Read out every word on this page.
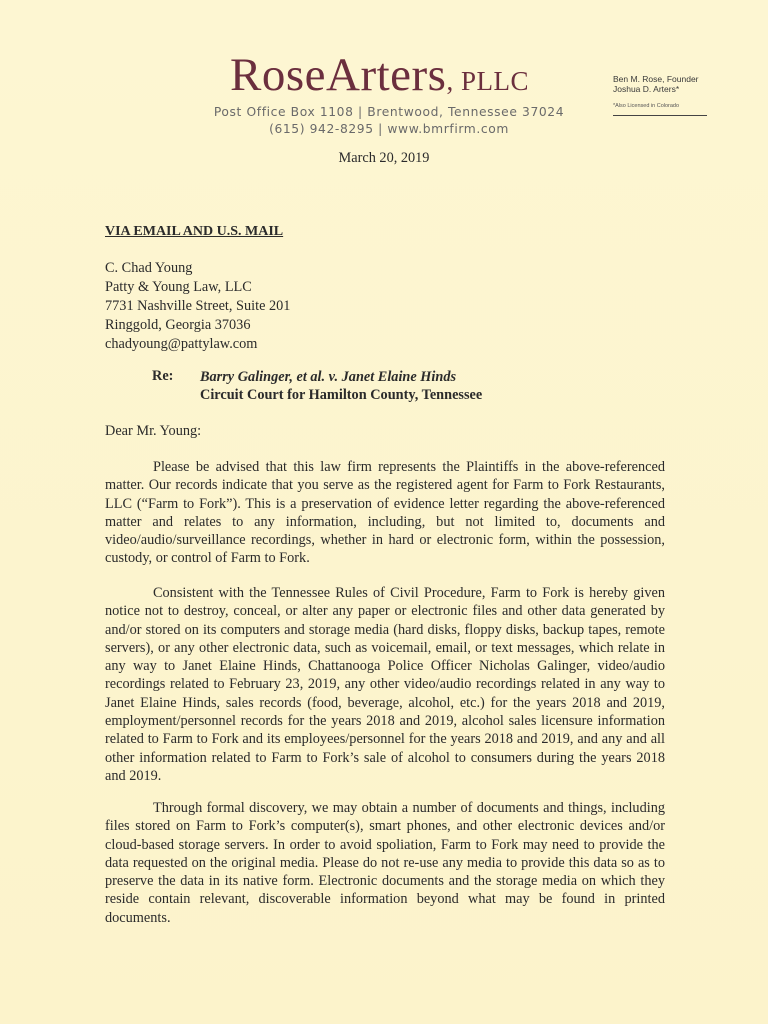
RoseArters, PLLC
Post Office Box 1108 | Brentwood, Tennessee 37024
(615) 942-8295 | www.bmrfirm.com
Ben M. Rose, Founder
Joshua D. Arters*
*Also Licensed in Colorado
March 20, 2019
VIA EMAIL AND U.S. MAIL
C. Chad Young
Patty & Young Law, LLC
7731 Nashville Street, Suite 201
Ringgold, Georgia 37036
chadyoung@pattylaw.com
Re: Barry Galinger, et al. v. Janet Elaine Hinds
Circuit Court for Hamilton County, Tennessee
Dear Mr. Young:

Please be advised that this law firm represents the Plaintiffs in the above-referenced matter. Our records indicate that you serve as the registered agent for Farm to Fork Restaurants, LLC (“Farm to Fork”). This is a preservation of evidence letter regarding the above-referenced matter and relates to any information, including, but not limited to, documents and video/audio/surveillance recordings, whether in hard or electronic form, within the possession, custody, or control of Farm to Fork.

Consistent with the Tennessee Rules of Civil Procedure, Farm to Fork is hereby given notice not to destroy, conceal, or alter any paper or electronic files and other data generated by and/or stored on its computers and storage media (hard disks, floppy disks, backup tapes, remote servers), or any other electronic data, such as voicemail, email, or text messages, which relate in any way to Janet Elaine Hinds, Chattanooga Police Officer Nicholas Galinger, video/audio recordings related to February 23, 2019, any other video/audio recordings related in any way to Janet Elaine Hinds, sales records (food, beverage, alcohol, etc.) for the years 2018 and 2019, employment/personnel records for the years 2018 and 2019, alcohol sales licensure information related to Farm to Fork and its employees/personnel for the years 2018 and 2019, and any and all other information related to Farm to Fork’s sale of alcohol to consumers during the years 2018 and 2019.

Through formal discovery, we may obtain a number of documents and things, including files stored on Farm to Fork’s computer(s), smart phones, and other electronic devices and/or cloud-based storage servers. In order to avoid spoliation, Farm to Fork may need to provide the data requested on the original media. Please do not re-use any media to provide this data so as to preserve the data in its native form. Electronic documents and the storage media on which they reside contain relevant, discoverable information beyond what may be found in printed documents.
